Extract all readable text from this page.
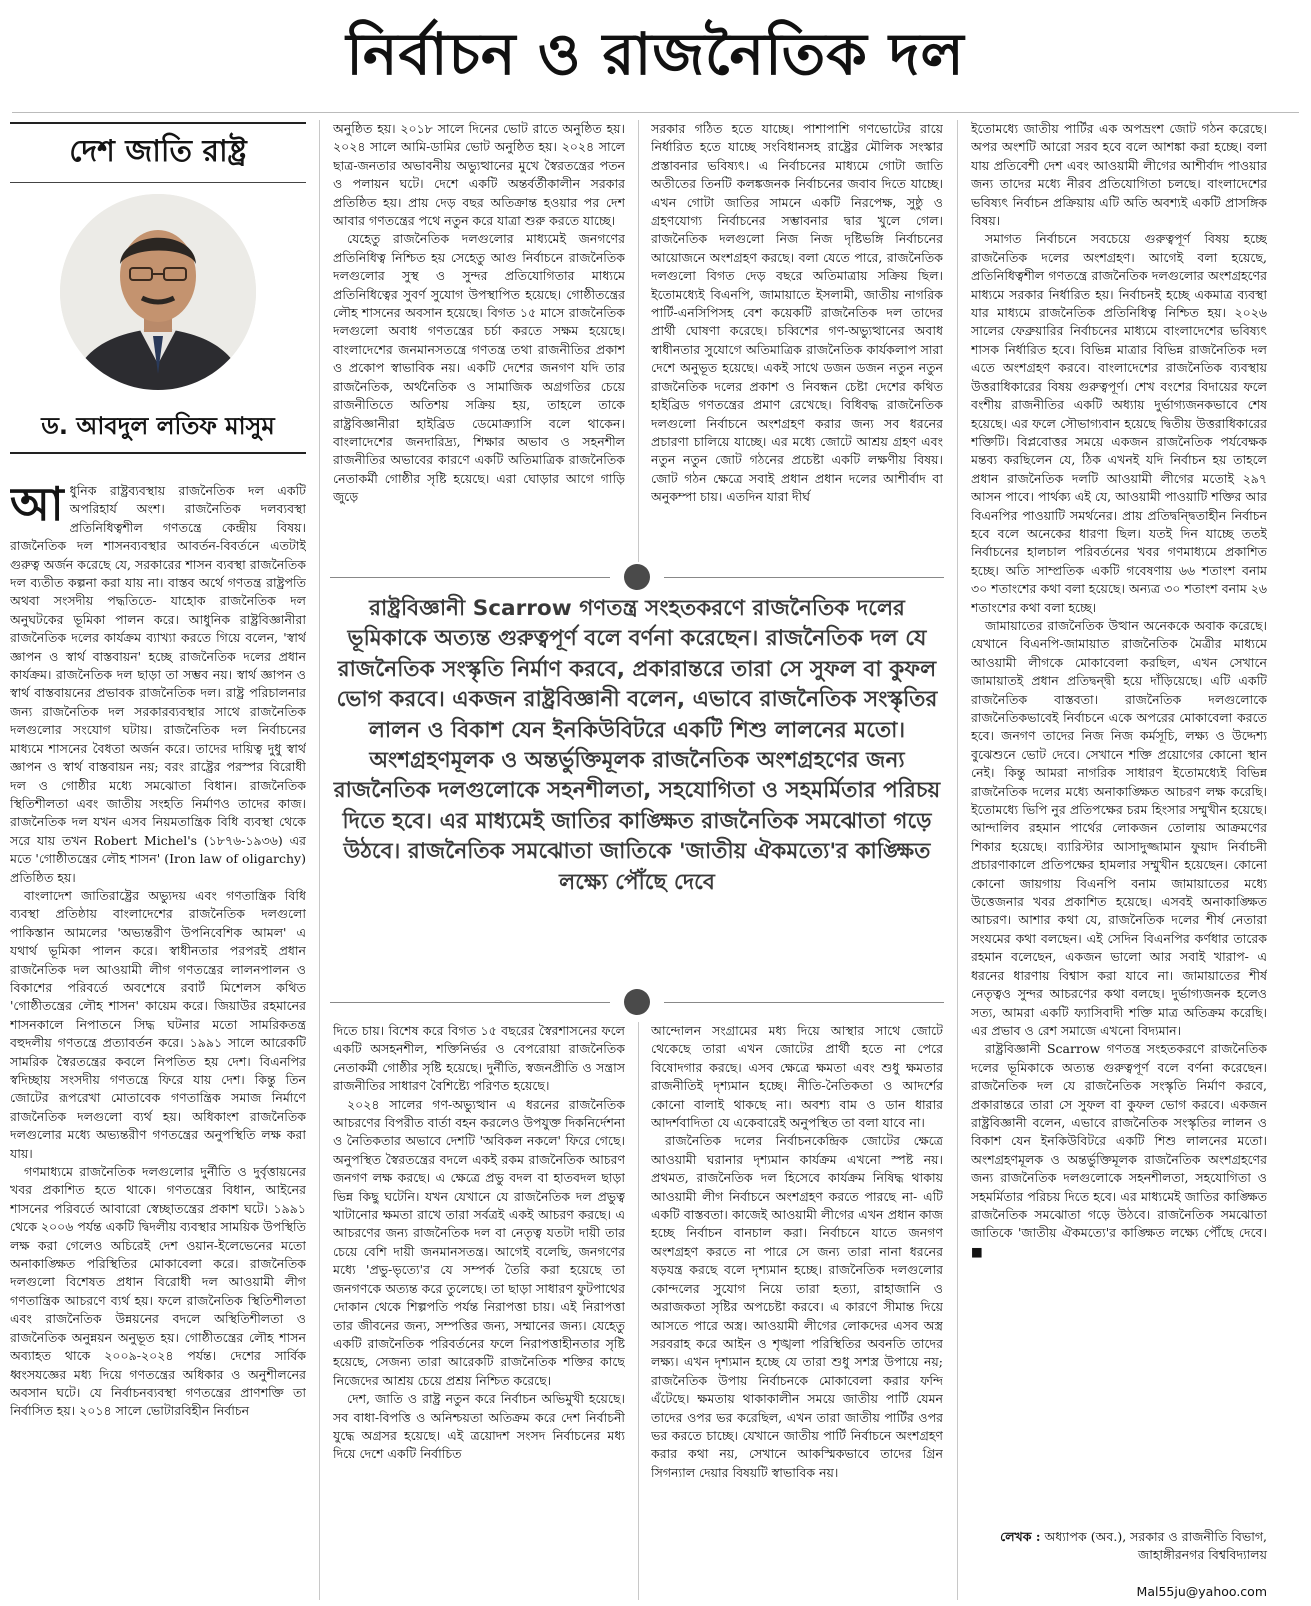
নির্বাচন ও রাজনৈতিক দল
দেশ জাতি রাষ্ট্র
ড. আবদুল লতিফ মাসুম

আধুনিক রাষ্ট্রব্যবস্থায় রাজনৈতিক দল একটি অপরিহার্য অংশ। রাজনৈতিক দলব্যবস্থা প্রতিনিধিত্বশীল গণতন্ত্রে কেন্দ্রীয় বিষয়। রাজনৈতিক দল শাসনব্যবস্থার আবর্তন-বিবর্তনে এতটাই গুরুত্ব অর্জন করেছে যে, সরকারের শাসন ব্যবস্থা রাজনৈতিক দল ব্যতীত কল্পনা করা যায় না। বাস্তব অর্থে গণতন্ত্র রাষ্ট্রপতি অথবা সংসদীয় পদ্ধতিতে- যাহোক রাজনৈতিক দল অনুঘটকের ভূমিকা পালন করে। আধুনিক রাষ্ট্রবিজ্ঞানীরা রাজনৈতিক দলের কার্যক্রম ব্যাখ্যা করতে গিয়ে বলেন, 'স্বার্থ জ্ঞাপন ও স্বার্থ বাস্তবায়ন' হচ্ছে রাজনৈতিক দলের প্রধান কার্যক্রম। রাজনৈতিক দল ছাড়া তা সম্ভব নয়। স্বার্থ জ্ঞাপন ও স্বার্থ বাস্তবায়নের প্রভাবক রাজনৈতিক দল। রাষ্ট্র পরিচালনার জন্য রাজনৈতিক দল সরকারব্যবস্থার সাথে রাজনৈতিক দলগুলোর সংযোগ ঘটায়। রাজনৈতিক দল নির্বাচনের মাধ্যমে শাসনের বৈধতা অর্জন করে। তাদের দায়িত্ব দুধু স্বার্থ জ্ঞাপন ও স্বার্থ বাস্তবায়ন নয়; বরং রাষ্ট্রের পরস্পর বিরোধী দল ও গোষ্ঠীর মধ্যে সমঝোতা বিধান। রাজনৈতিক স্থিতিশীলতা এবং জাতীয় সংহতি নির্মাণও তাদের কাজ। রাজনৈতিক দল যখন এসব নিয়মতান্ত্রিক বিধি ব্যবস্থা থেকে সরে যায় তখন Robert Michel's (১৮৭৬-১৯৩৬) এর মতে 'গোষ্ঠীতন্ত্রের লৌহ শাসন' (Iron law of oligarchy) প্রতিষ্ঠিত হয়।

বাংলাদেশ জাতিরাষ্ট্রের অভ্যুদয় এবং গণতান্ত্রিক বিধি ব্যবস্থা প্রতিষ্ঠায় বাংলাদেশের রাজনৈতিক দলগুলো পাকিস্তান আমলের 'অভ্যন্তরীণ উপনিবেশিক আমল' এ যথার্থ ভূমিকা পালন করে। স্বাধীনতার পরপরই প্রধান রাজনৈতিক দল আওয়ামী লীগ গণতন্ত্রের লালনপালন ও বিকাশের পরিবর্তে অবশেষে রবার্ট মিশেলস কথিত 'গোষ্ঠীতন্ত্রের লৌহ শাসন' কায়েম করে। জিয়াউর রহমানের শাসনকালে নিপাতনে সিদ্ধ ঘটনার মতো সামরিকতন্ত্র বহুদলীয় গণতন্ত্রে প্রত্যাবর্তন করে। ১৯৯১ সালে আরেকটি সামরিক স্বৈরতন্ত্রের কবলে নিপতিত হয় দেশ। বিএনপির স্বদিচ্ছায় সংসদীয় গণতন্ত্রে ফিরে যায় দেশ। কিন্তু তিন জোটের রূপরেখা মোতাবেক গণতান্ত্রিক সমাজ নির্মাণে রাজনৈতিক দলগুলো ব্যর্থ হয়। অধিকাংশ রাজনৈতিক দলগুলোর মধ্যে অভ্যন্তরীণ গণতন্ত্রের অনুপস্থিতি লক্ষ করা যায়।

গণমাধ্যমে রাজনৈতিক দলগুলোর দুর্নীতি ও দুর্বৃত্তায়নের খবর প্রকাশিত হতে থাকে। গণতন্ত্রের বিধান, আইনের শাসনের পরিবর্তে আবারো স্বেচ্ছাতন্ত্রের প্রকাশ ঘটে। ১৯৯১ থেকে ২০০৬ পর্যন্ত একটি দ্বিদলীয় ব্যবস্থার সাময়িক উপস্থিতি লক্ষ করা গেলেও অচিরেই দেশ ওয়ান-ইলেভেনের মতো অনাকাঙ্ক্ষিত পরিস্থিতির মোকাবেলা করে। রাজনৈতিক দলগুলো বিশেষত প্রধান বিরোধী দল আওয়ামী লীগ গণতান্ত্রিক আচরণে ব্যর্থ হয়। ফলে রাজনৈতিক স্থিতিশীলতা এবং রাজনৈতিক উন্নয়নের বদলে অস্থিতিশীলতা ও রাজনৈতিক অনুন্নয়ন অনুভূত হয়। গোষ্ঠীতন্ত্রের লৌহ শাসন অব্যাহত থাকে ২০০৯-২০২৪ পর্যন্ত। দেশের সার্বিক ধ্বংসযজ্ঞের মধ্য দিয়ে গণতন্ত্রের অধিকার ও অনুশীলনের অবসান ঘটে। যে নির্বাচনব্যবস্থা গণতন্ত্রের প্রাণশক্তি তা নির্বাসিত হয়। ২০১৪ সালে ভোটারবিহীন নির্বাচন

অনুষ্ঠিত হয়। ২০১৮ সালে দিনের ভোট রাতে অনুষ্ঠিত হয়। ২০২৪ সালে আমি-ডামির ভোট অনুষ্ঠিত হয়। ২০২৪ সালে ছাত্র-জনতার অভাবনীয় অভ্যুত্থানের মুখে স্বৈরতন্ত্রের পতন ও পলায়ন ঘটে। দেশে একটি অন্তর্বর্তীকালীন সরকার প্রতিষ্ঠিত হয়। প্রায় দেড় বছর অতিক্রান্ত হওয়ার পর দেশ আবার গণতন্ত্রের পথে নতুন করে যাত্রা শুরু করতে যাচ্ছে।

যেহেতু রাজনৈতিক দলগুলোর মাধ্যমেই জনগণের প্রতিনিধিত্ব নিশ্চিত হয় সেহেতু আগু নির্বাচনে রাজনৈতিক দলগুলোর সুস্থ ও সুন্দর প্রতিযোগিতার মাধ্যমে প্রতিনিধিত্বের সুবর্ণ সুযোগ উপস্থাপিত হয়েছে। গোষ্ঠীতন্ত্রের লৌহ শাসনের অবসান হয়েছে। বিগত ১৫ মাসে রাজনৈতিক দলগুলো অবাধ গণতন্ত্রের চর্চা করতে সক্ষম হয়েছে। বাংলাদেশের জনমানসতন্ত্রে গণতন্ত্র তথা রাজনীতির প্রকাশ ও প্রকোপ স্বাভাবিক নয়। একটি দেশের জনগণ যদি তার রাজনৈতিক, অর্থনৈতিক ও সামাজিক অগ্রগতির চেয়ে রাজনীতিতে অতিশয় সক্রিয় হয়, তাহলে তাকে রাষ্ট্রবিজ্ঞানীরা হাইব্রিড ডেমোক্র্যাসি বলে থাকেন। বাংলাদেশের জনদারিদ্র্য, শিক্ষার অভাব ও সহনশীল রাজনীতির অভাবের কারণে একটি অতিমাত্রিক রাজনৈতিক নেতাকর্মী গোষ্ঠীর সৃষ্টি হয়েছে। এরা ঘোড়ার আগে গাড়ি জুড়ে

সরকার গঠিত হতে যাচ্ছে। পাশাপাশি গণভোটের রায়ে নির্ধারিত হতে যাচ্ছে সংবিধানসহ রাষ্ট্রের মৌলিক সংস্কার প্রস্তাবনার ভবিষ্যৎ। এ নির্বাচনের মাধ্যমে গোটা জাতি অতীতের তিনটি কলঙ্কজনক নির্বাচনের জবাব দিতে যাচ্ছে। এখন গোটা জাতির সামনে একটি নিরপেক্ষ, সুষ্ঠু ও গ্রহণযোগ্য নির্বাচনের সম্ভাবনার দ্বার খুলে গেল। রাজনৈতিক দলগুলো নিজ নিজ দৃষ্টিভঙ্গি নির্বাচনের আয়োজনে অংশগ্রহণ করছে। বলা যেতে পারে, রাজনৈতিক দলগুলো বিগত দেড় বছরে অতিমাত্রায় সক্রিয় ছিল। ইতোমধ্যেই বিএনপি, জামায়াতে ইসলামী, জাতীয় নাগরিক পার্টি-এনসিপিসহ বেশ কয়েকটি রাজনৈতিক দল তাদের প্রার্থী ঘোষণা করেছে। চব্বিশের গণ-অভ্যুত্থানের অবাধ স্বাধীনতার সুযোগে অতিমাত্রিক রাজনৈতিক কার্যকলাপ সারা দেশে অনুভূত হয়েছে। একই সাথে ডজন ডজন নতুন নতুন রাজনৈতিক দলের প্রকাশ ও নিবন্ধন চেষ্টা দেশের কথিত হাইব্রিড গণতন্ত্রের প্রমাণ রেখেছে। বিধিবদ্ধ রাজনৈতিক দলগুলো নির্বাচনে অংশগ্রহণ করার জন্য সব ধরনের প্রচারণা চালিয়ে যাচ্ছে। এর মধ্যে জোটে আশ্রয় গ্রহণ এবং নতুন নতুন জোট গঠনের প্রচেষ্টা একটি লক্ষণীয় বিষয়। জোট গঠন ক্ষেত্রে সবাই প্রধান প্রধান দলের আশীর্বাদ বা অনুকম্পা চায়। এতদিন যারা দীর্ঘ

রাষ্ট্রবিজ্ঞানী Scarrow গণতন্ত্র সংহতকরণে রাজনৈতিক দলের ভূমিকাকে অত্যন্ত গুরুত্বপূর্ণ বলে বর্ণনা করেছেন। রাজনৈতিক দল যে রাজনৈতিক সংস্কৃতি নির্মাণ করবে, প্রকারান্তরে তারা সে সুফল বা কুফল ভোগ করবে। একজন রাষ্ট্রবিজ্ঞানী বলেন, এভাবে রাজনৈতিক সংস্কৃতির লালন ও বিকাশ যেন ইনকিউবিটরে একটি শিশু লালনের মতো। অংশগ্রহণমূলক ও অন্তর্ভুক্তিমূলক রাজনৈতিক অংশগ্রহণের জন্য রাজনৈতিক দলগুলোকে সহনশীলতা, সহযোগিতা ও সহমর্মিতার পরিচয় দিতে হবে। এর মাধ্যমেই জাতির কাঙ্ক্ষিত রাজনৈতিক সমঝোতা গড়ে উঠবে। রাজনৈতিক সমঝোতা জাতিকে 'জাতীয় ঐকমত্যে'র কাঙ্ক্ষিত লক্ষ্যে পৌঁছে দেবে

দিতে চায়। বিশেষ করে বিগত ১৫ বছরের স্বৈরশাসনের ফলে একটি অসহনশীল, শক্তিনির্ভর ও বেপরোয়া রাজনৈতিক নেতাকর্মী গোষ্ঠীর সৃষ্টি হয়েছে। দুর্নীতি, স্বজনপ্রীতি ও সন্ত্রাস রাজনীতির সাধারণ বৈশিষ্ট্যে পরিণত হয়েছে।

২০২৪ সালের গণ-অভ্যুত্থান এ ধরনের রাজনৈতিক আচরণের বিপরীত বার্তা বহন করলেও উপযুক্ত দিকনির্দেশনা ও নৈতিকতার অভাবে দেশটি 'অবিকল নকলে' ফিরে গেছে। অনুপস্থিত স্বৈরতন্ত্রের বদলে একই রকম রাজনৈতিক আচরণ জনগণ লক্ষ করছে। এ ক্ষেত্রে প্রভু বদল বা হাতবদল ছাড়া ভিন্ন কিছু ঘটেনি। যখন যেখানে যে রাজনৈতিক দল প্রভুত্ব খাটানোর ক্ষমতা রাখে তারা সর্বত্রই একই আচরণ করছে। এ আচরণের জন্য রাজনৈতিক দল বা নেতৃত্ব যতটা দায়ী তার চেয়ে বেশি দায়ী জনমানসতন্ত্র। আগেই বলেছি, জনগণের মধ্যে 'প্রভু-ভৃত্যে'র যে সম্পর্ক তৈরি করা হয়েছে তা জনগণকে অত্যন্ত করে তুলেছে। তা ছাড়া সাধারণ ফুটপাথের দোকান থেকে শিল্পপতি পর্যন্ত নিরাপত্তা চায়। এই নিরাপত্তা তার জীবনের জন্য, সম্পত্তির জন্য, সম্মানের জন্য। যেহেতু একটি রাজনৈতিক পরিবর্তনের ফলে নিরাপত্তাহীনতার সৃষ্টি হয়েছে, সেজন্য তারা আরেকটি রাজনৈতিক শক্তির কাছে নিজেদের আশ্রয় চেয়ে প্রশ্রয় নিশ্চিত করেছে।

দেশ, জাতি ও রাষ্ট্র নতুন করে নির্বাচন অভিমুখী হয়েছে। সব বাধা-বিপত্তি ও অনিশ্চয়তা অতিক্রম করে দেশ নির্বাচনী যুদ্ধে অগ্রসর হয়েছে। এই ত্রয়োদশ সংসদ নির্বাচনের মধ্য দিয়ে দেশে একটি নির্বাচিত

আন্দোলন সংগ্রামের মধ্য দিয়ে আস্থার সাথে জোটে থেকেছে তারা এখন জোটের প্রার্থী হতে না পেরে বিষোদগার করছে। এসব ক্ষেত্রে ক্ষমতা এবং শুধু ক্ষমতার রাজনীতিই দৃশ্যমান হচ্ছে। নীতি-নৈতিকতা ও আদর্শের কোনো বালাই থাকছে না। অবশ্য বাম ও ডান ধারার আদর্শবাদিতা যে একেবারেই অনুপস্থিত তা বলা যাবে না।

রাজনৈতিক দলের নির্বাচনকেন্দ্রিক জোটের ক্ষেত্রে আওয়ামী ঘরানার দৃশ্যমান কার্যক্রম এখনো স্পষ্ট নয়। প্রথমত, রাজনৈতিক দল হিসেবে কার্যক্রম নিষিদ্ধ থাকায় আওয়ামী লীগ নির্বাচনে অংশগ্রহণ করতে পারছে না- এটি একটি বাস্তবতা। কাজেই আওয়ামী লীগের এখন প্রধান কাজ হচ্ছে নির্বাচন বানচাল করা। নির্বাচনে যাতে জনগণ অংশগ্রহণ করতে না পারে সে জন্য তারা নানা ধরনের ষড়যন্ত্র করছে বলে দৃশ্যমান হচ্ছে। রাজনৈতিক দলগুলোর কোন্দলের সুযোগ নিয়ে তারা হত্যা, রাহাজানি ও অরাজকতা সৃষ্টির অপচেষ্টা করবে। এ কারণে সীমান্ত দিয়ে আসতে পারে অস্ত্র। আওয়ামী লীগের লোকদের এসব অস্ত্র সরবরাহ করে আইন ও শৃঙ্খলা পরিস্থিতির অবনতি তাদের লক্ষ্য। এখন দৃশ্যমান হচ্ছে যে তারা শুধু সশস্ত্র উপায়ে নয়; রাজনৈতিক উপায় নির্বাচনকে মোকাবেলা করার ফন্দি এঁটেছে। ক্ষমতায় থাকাকালীন সময়ে জাতীয় পার্টি যেমন তাদের ওপর ভর করেছিল, এখন তারা জাতীয় পার্টির ওপর ভর করতে চাচ্ছে। যেখানে জাতীয় পার্টি নির্বাচনে অংশগ্রহণ করার কথা নয়, সেখানে আকস্মিকভাবে তাদের গ্রিন সিগন্যাল দেয়ার বিষয়টি স্বাভাবিক নয়।

ইতোমধ্যে জাতীয় পার্টির এক অপভ্রংশ জোট গঠন করেছে। অপর অংশটি আরো সরব হবে বলে আশঙ্কা করা হচ্ছে। বলা যায় প্রতিবেশী দেশ এবং আওয়ামী লীগের আশীর্বাদ পাওয়ার জন্য তাদের মধ্যে নীরব প্রতিযোগিতা চলছে। বাংলাদেশের ভবিষ্যৎ নির্বাচন প্রক্রিয়ায় এটি অতি অবশ্যই একটি প্রাসঙ্গিক বিষয়।

সমাগত নির্বাচনে সবচেয়ে গুরুত্বপূর্ণ বিষয় হচ্ছে রাজনৈতিক দলের অংশগ্রহণ। আগেই বলা হয়েছে, প্রতিনিধিত্বশীল গণতন্ত্রে রাজনৈতিক দলগুলোর অংশগ্রহণের মাধ্যমে সরকার নির্ধারিত হয়। নির্বাচনই হচ্ছে একমাত্র ব্যবস্থা যার মাধ্যমে রাজনৈতিক প্রতিনিধিত্ব নিশ্চিত হয়। ২০২৬ সালের ফেব্রুয়ারির নির্বাচনের মাধ্যমে বাংলাদেশের ভবিষ্যৎ শাসক নির্ধারিত হবে। বিভিন্ন মাত্রার বিভিন্ন রাজনৈতিক দল এতে অংশগ্রহণ করবে। বাংলাদেশের রাজনৈতিক ব্যবস্থায় উত্তরাধিকারের বিষয় গুরুত্বপূর্ণ। শেখ বংশের বিদায়ের ফলে বংশীয় রাজনীতির একটি অধ্যায় দুর্ভাগ্যজনকভাবে শেষ হয়েছে। এর ফলে সৌভাগ্যবান হয়েছে দ্বিতীয় উত্তরাধিকারের শক্তিটি। বিপ্লবোত্তর সময়ে একজন রাজনৈতিক পর্যবেক্ষক মন্তব্য করছিলেন যে, ঠিক এখনই যদি নির্বাচন হয় তাহলে প্রধান রাজনৈতিক দলটি আওয়ামী লীগের মতোই ২৯৭ আসন পাবে। পার্থক্য এই যে, আওয়ামী পাওয়াটি শক্তির আর বিএনপির পাওয়াটি সমর্থনের। প্রায় প্রতিদ্বন্দ্বিতাহীন নির্বাচন হবে বলে অনেকের ধারণা ছিল। যতই দিন যাচ্ছে ততই নির্বাচনের হালচাল পরিবর্তনের খবর গণমাধ্যমে প্রকাশিত হচ্ছে। অতি সাম্প্রতিক একটি গবেষণায় ৬৬ শতাংশ বনাম ৩০ শতাংশের কথা বলা হয়েছে। অন্যত্র ৩০ শতাংশ বনাম ২৬ শতাংশের কথা বলা হচ্ছে।

জামায়াতের রাজনৈতিক উত্থান অনেককে অবাক করেছে। যেখানে বিএনপি-জামায়াত রাজনৈতিক মৈত্রীর মাধ্যমে আওয়ামী লীগকে মোকাবেলা করছিল, এখন সেখানে জামায়াতই প্রধান প্রতিদ্বন্দ্বী হয়ে দাঁড়িয়েছে। এটি একটি রাজনৈতিক বাস্তবতা। রাজনৈতিক দলগুলোকে রাজনৈতিকভাবেই নির্বাচনে একে অপরের মোকাবেলা করতে হবে। জনগণ তাদের নিজ নিজ কর্মসূচি, লক্ষ্য ও উদ্দেশ্য বুঝেশুনে ভোট দেবে। সেখানে শক্তি প্রয়োগের কোনো স্থান নেই। কিন্তু আমরা নাগরিক সাধারণ ইতোমধ্যেই বিভিন্ন রাজনৈতিক দলের মধ্যে অনাকাঙ্ক্ষিত আচরণ লক্ষ করেছি। ইতোমধ্যে ভিপি নুর প্রতিপক্ষের চরম হিংসার সম্মুখীন হয়েছে। আন্দালিব রহমান পার্থের লোকজন তোলায় আক্রমণের শিকার হয়েছে। ব্যারিস্টার আসাদুজ্জামান ফুয়াদ নির্বাচনী প্রচারণাকালে প্রতিপক্ষের হামলার সম্মুখীন হয়েছেন। কোনো কোনো জায়গায় বিএনপি বনাম জামায়াতের মধ্যে উত্তেজনার খবর প্রকাশিত হয়েছে। এসবই অনাকাঙ্ক্ষিত আচরণ। আশার কথা যে, রাজনৈতিক দলের শীর্ষ নেতারা সংযমের কথা বলছেন। এই সেদিন বিএনপির কর্ণধার তারেক রহমান বলেছেন, একজন ভালো আর সবাই খারাপ- এ ধরনের ধারণায় বিশ্বাস করা যাবে না। জামায়াতের শীর্ষ নেতৃত্বও সুন্দর আচরণের কথা বলছে। দুর্ভাগ্যজনক হলেও সত্য, আমরা একটি ফ্যাসিবাদী শক্তি মাত্র অতিক্রম করেছি। এর প্রভাব ও রেশ সমাজে এখনো বিদ্যমান।

রাষ্ট্রবিজ্ঞানী Scarrow গণতন্ত্র সংহতকরণে রাজনৈতিক দলের ভূমিকাকে অত্যন্ত গুরুত্বপূর্ণ বলে বর্ণনা করেছেন। রাজনৈতিক দল যে রাজনৈতিক সংস্কৃতি নির্মাণ করবে, প্রকারান্তরে তারা সে সুফল বা কুফল ভোগ করবে। একজন রাষ্ট্রবিজ্ঞানী বলেন, এভাবে রাজনৈতিক সংস্কৃতির লালন ও বিকাশ যেন ইনকিউবিটরে একটি শিশু লালনের মতো। অংশগ্রহণমূলক ও অন্তর্ভুক্তিমূলক রাজনৈতিক অংশগ্রহণের জন্য রাজনৈতিক দলগুলোকে সহনশীলতা, সহযোগিতা ও সহমর্মিতার পরিচয় দিতে হবে। এর মাধ্যমেই জাতির কাঙ্ক্ষিত রাজনৈতিক সমঝোতা গড়ে উঠবে। রাজনৈতিক সমঝোতা জাতিকে 'জাতীয় ঐকমত্যে'র কাঙ্ক্ষিত লক্ষ্যে পৌঁছে দেবে। ■

লেখক : অধ্যাপক (অব.), সরকার ও রাজনীতি বিভাগ, জাহাঙ্গীরনগর বিশ্ববিদ্যালয়
Mal55ju@yahoo.com
